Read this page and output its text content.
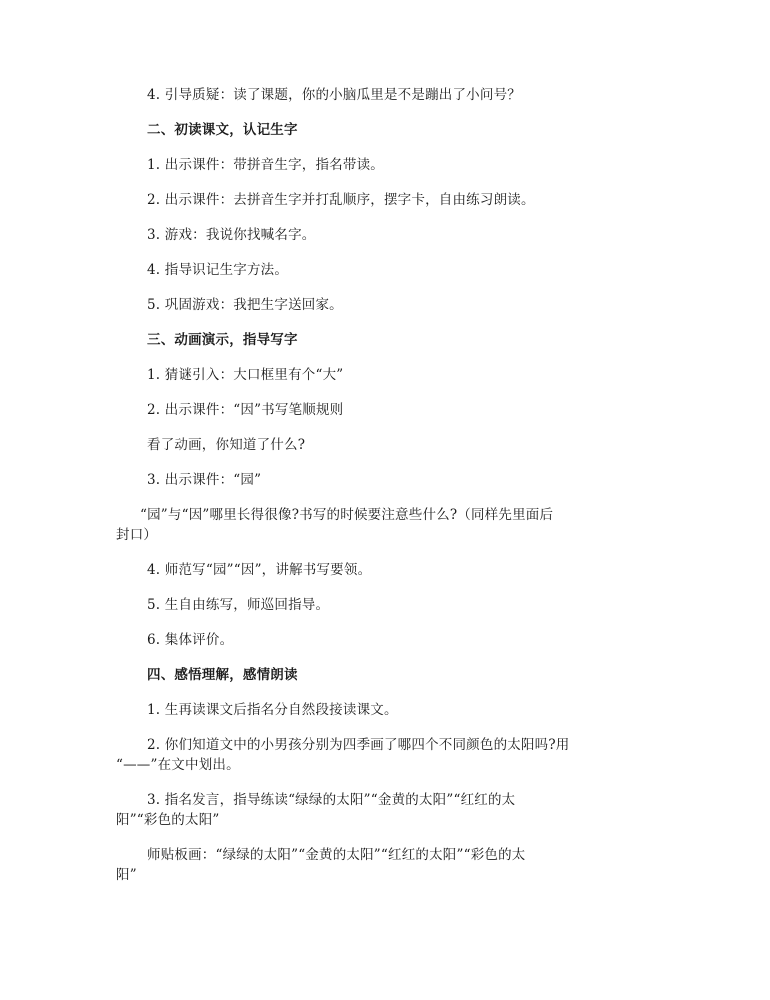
4. 引导质疑：读了课题，你的小脑瓜里是不是蹦出了小问号？
二、初读课文，认记生字
1. 出示课件：带拼音生字，指名带读。
2. 出示课件：去拼音生字并打乱顺序，摆字卡，自由练习朗读。
3. 游戏：我说你找喊名字。
4. 指导识记生字方法。
5. 巩固游戏：我把生字送回家。
三、动画演示，指导写字
1. 猜谜引入：大口框里有个“大”
2. 出示课件：“因”书写笔顺规则
看了动画，你知道了什么?
3. 出示课件：“园”
“园”与“因”哪里长得很像?书写的时候要注意些什么?（同样先里面后
封口）
4. 师范写“园”“因”，讲解书写要领。
5. 生自由练写，师巡回指导。
6. 集体评价。
四、感悟理解，感情朗读
1. 生再读课文后指名分自然段接读课文。
2. 你们知道文中的小男孩分别为四季画了哪四个不同颜色的太阳吗?用
“——”在文中划出。
3. 指名发言，指导练读“绿绿的太阳”“金黄的太阳”“红红的太
阳”“彩色的太阳”
师贴板画：“绿绿的太阳”“金黄的太阳”“红红的太阳”“彩色的太
阳”
